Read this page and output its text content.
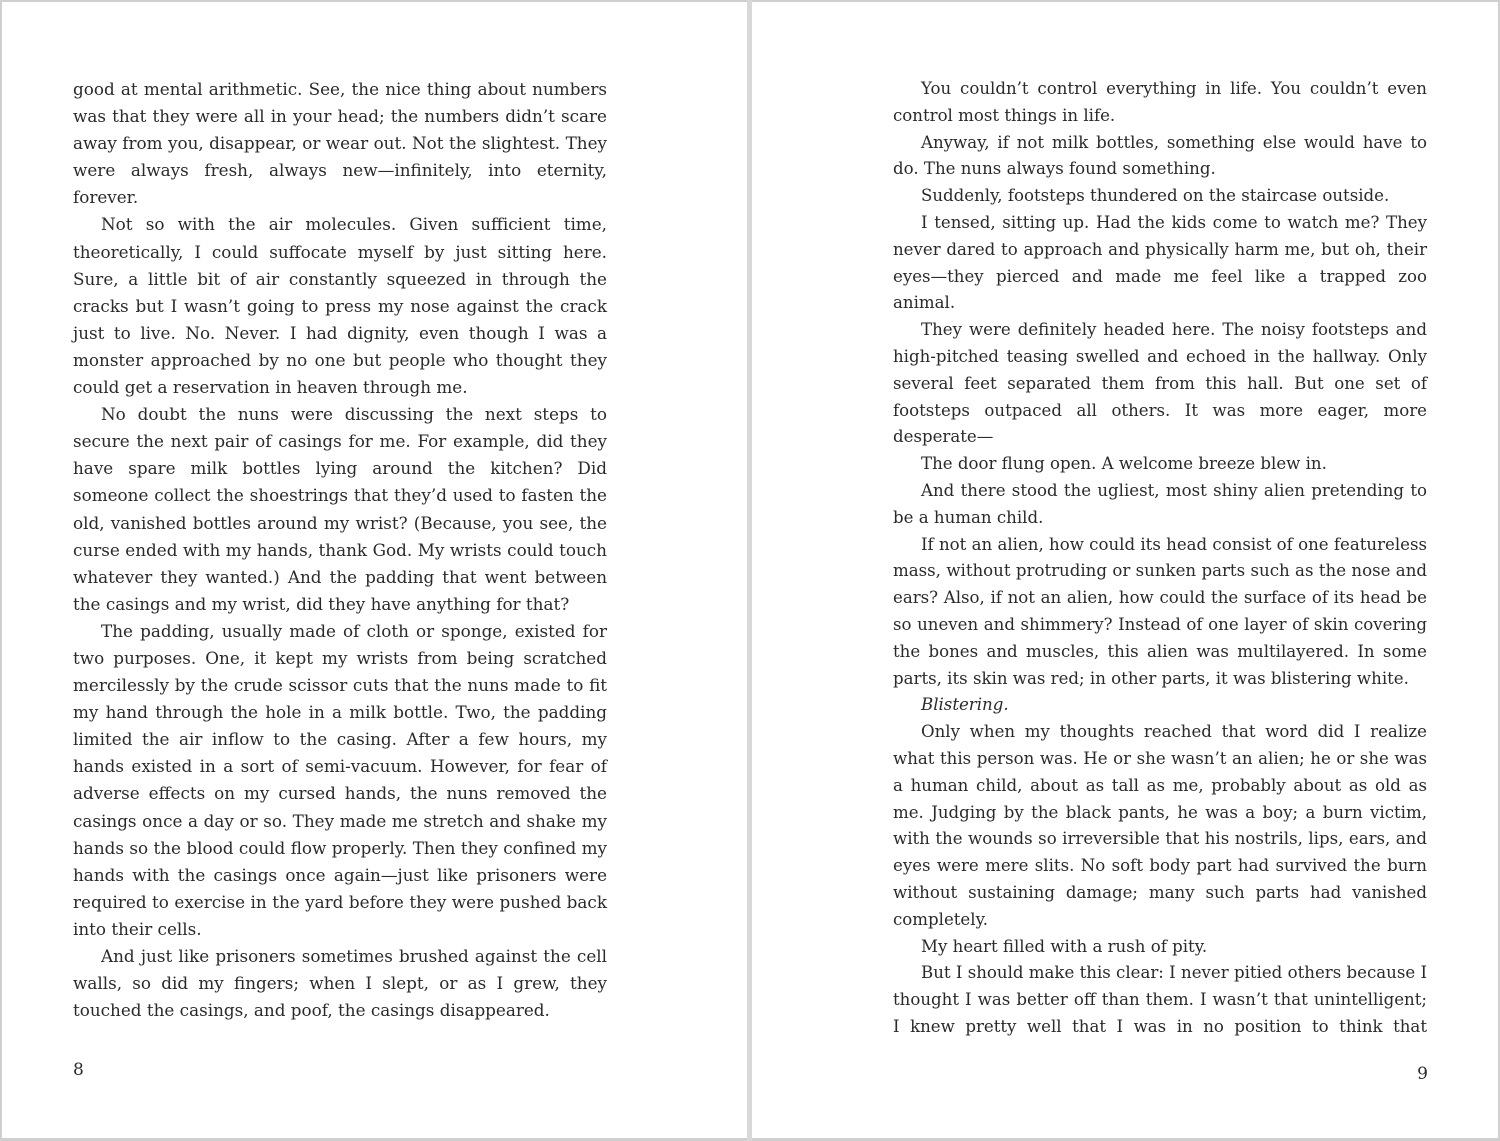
good at mental arithmetic. See, the nice thing about numbers was that they were all in your head; the numbers didn’t scare away from you, disappear, or wear out. Not the slightest. They were always fresh, always new—infinitely, into eternity, forever.

Not so with the air molecules. Given sufficient time, theoretically, I could suffocate myself by just sitting here. Sure, a little bit of air constantly squeezed in through the cracks but I wasn’t going to press my nose against the crack just to live. No. Never. I had dignity, even though I was a monster approached by no one but people who thought they could get a reservation in heaven through me.

No doubt the nuns were discussing the next steps to secure the next pair of casings for me. For example, did they have spare milk bottles lying around the kitchen? Did someone collect the shoestrings that they’d used to fasten the old, vanished bottles around my wrist? (Because, you see, the curse ended with my hands, thank God. My wrists could touch whatever they wanted.) And the padding that went between the casings and my wrist, did they have anything for that?

The padding, usually made of cloth or sponge, existed for two purposes. One, it kept my wrists from being scratched mercilessly by the crude scissor cuts that the nuns made to fit my hand through the hole in a milk bottle. Two, the padding limited the air inflow to the casing. After a few hours, my hands existed in a sort of semi-vacuum. However, for fear of adverse effects on my cursed hands, the nuns removed the casings once a day or so. They made me stretch and shake my hands so the blood could flow properly. Then they confined my hands with the casings once again—just like prisoners were required to exercise in the yard before they were pushed back into their cells.

And just like prisoners sometimes brushed against the cell walls, so did my fingers; when I slept, or as I grew, they touched the casings, and poof, the casings disappeared.

8

You couldn’t control everything in life. You couldn’t even control most things in life.

Anyway, if not milk bottles, something else would have to do. The nuns always found something.

Suddenly, footsteps thundered on the staircase outside.

I tensed, sitting up. Had the kids come to watch me? They never dared to approach and physically harm me, but oh, their eyes—they pierced and made me feel like a trapped zoo animal.

They were definitely headed here. The noisy footsteps and high-pitched teasing swelled and echoed in the hallway. Only several feet separated them from this hall. But one set of footsteps outpaced all others. It was more eager, more desperate—

The door flung open. A welcome breeze blew in.

And there stood the ugliest, most shiny alien pretending to be a human child.

If not an alien, how could its head consist of one featureless mass, without protruding or sunken parts such as the nose and ears? Also, if not an alien, how could the surface of its head be so uneven and shimmery? Instead of one layer of skin covering the bones and muscles, this alien was multilayered. In some parts, its skin was red; in other parts, it was blistering white.

Blistering.

Only when my thoughts reached that word did I realize what this person was. He or she wasn’t an alien; he or she was a human child, about as tall as me, probably about as old as me. Judging by the black pants, he was a boy; a burn victim, with the wounds so irreversible that his nostrils, lips, ears, and eyes were mere slits. No soft body part had survived the burn without sustaining damage; many such parts had vanished completely.

My heart filled with a rush of pity.

But I should make this clear: I never pitied others because I thought I was better off than them. I wasn’t that unintelligent; I knew pretty well that I was in no position to think that

9
